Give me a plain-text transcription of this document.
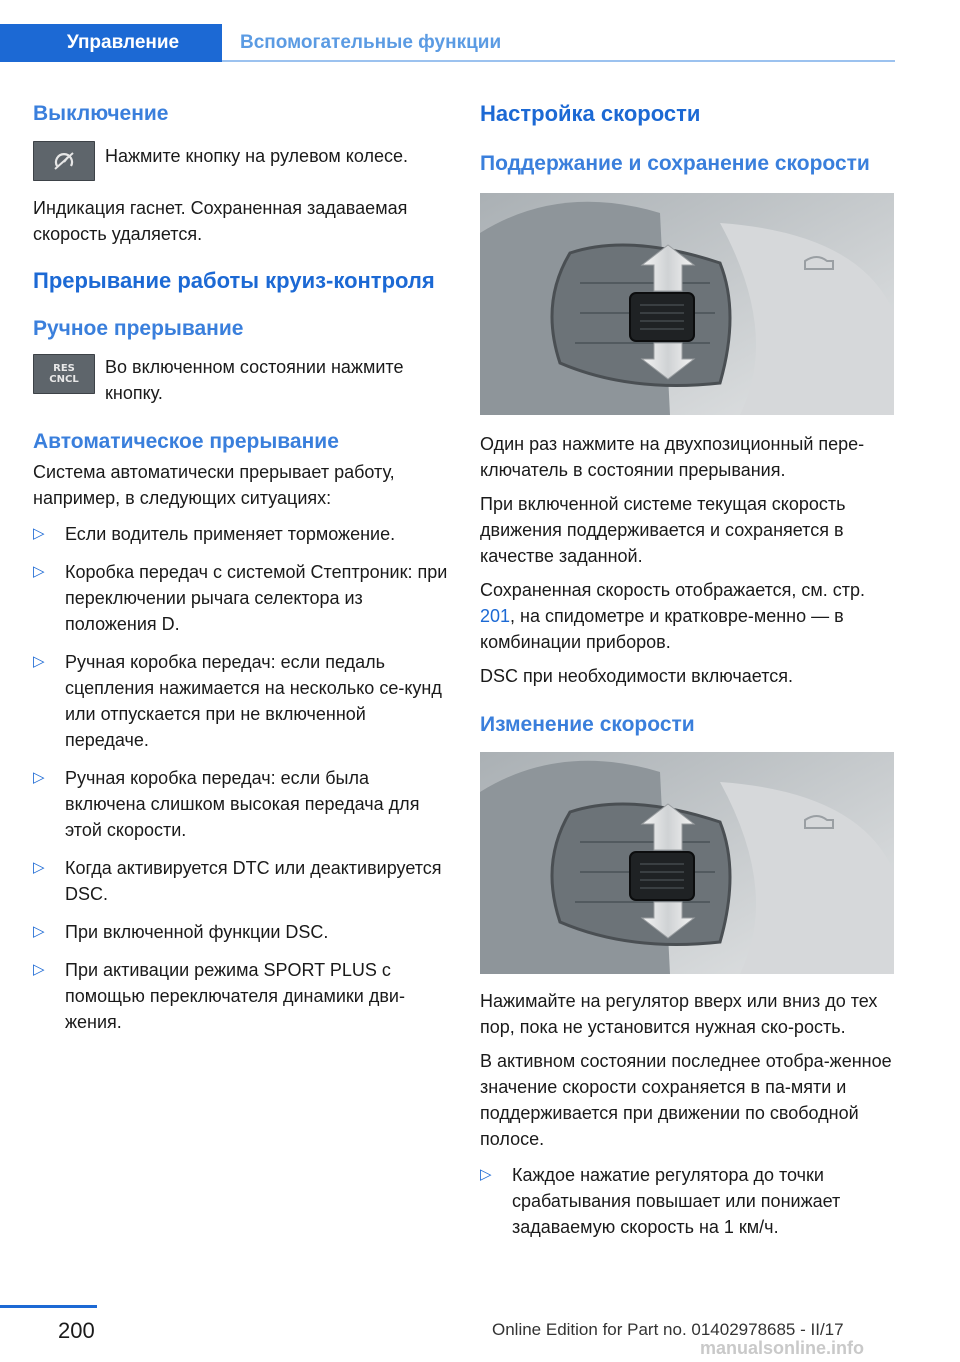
Управление	Вспомогательные функции
Выключение

Нажмите кнопку на рулевом колесе.

Индикация гаснет. Сохраненная задаваемая скорость удаляется.

Прерывание работы круиз-контроля
Ручное прерывание
RES
CNCL

Во включенном состоянии нажмите кнопку.

Автоматическое прерывание

Система автоматически прерывает работу, например, в следующих ситуациях:

▷ Если водитель применяет торможение.
▷ Коробка передач с системой Стептроник: при переключении рычага селектора из положения D.
▷ Ручная коробка передач: если педаль сцепления нажимается на несколько се‐кунд или отпускается при не включенной передаче.
▷ Ручная коробка передач: если была включена слишком высокая передача для этой скорости.
▷ Когда активируется DTC или деактивируется DSC.
▷ При включенной функции DSC.
▷ При активации режима SPORT PLUS с помощью переключателя динамики дви‐жения.
Настройка скорости
Поддержание и сохранение скорости

Один раз нажмите на двухпозиционный пере‐ключатель в состоянии прерывания.

При включенной системе текущая скорость движения поддерживается и сохраняется в качестве заданной.

Сохраненная скорость отображается, см. стр. 201, на спидометре и кратковре‐менно — в комбинации приборов.

DSC при необходимости включается.

Изменение скорости

Нажимайте на регулятор вверх или вниз до тех пор, пока не установится нужная ско‐рость.

В активном состоянии последнее отобра‐женное значение скорости сохраняется в па‐мяти и поддерживается при движении по свободной полосе.

▷ Каждое нажатие регулятора до точки срабатывания повышает или понижает задаваемую скорость на 1 км/ч.
200	Online Edition for Part no. 01402978685 - II/17
manualsonline.info
